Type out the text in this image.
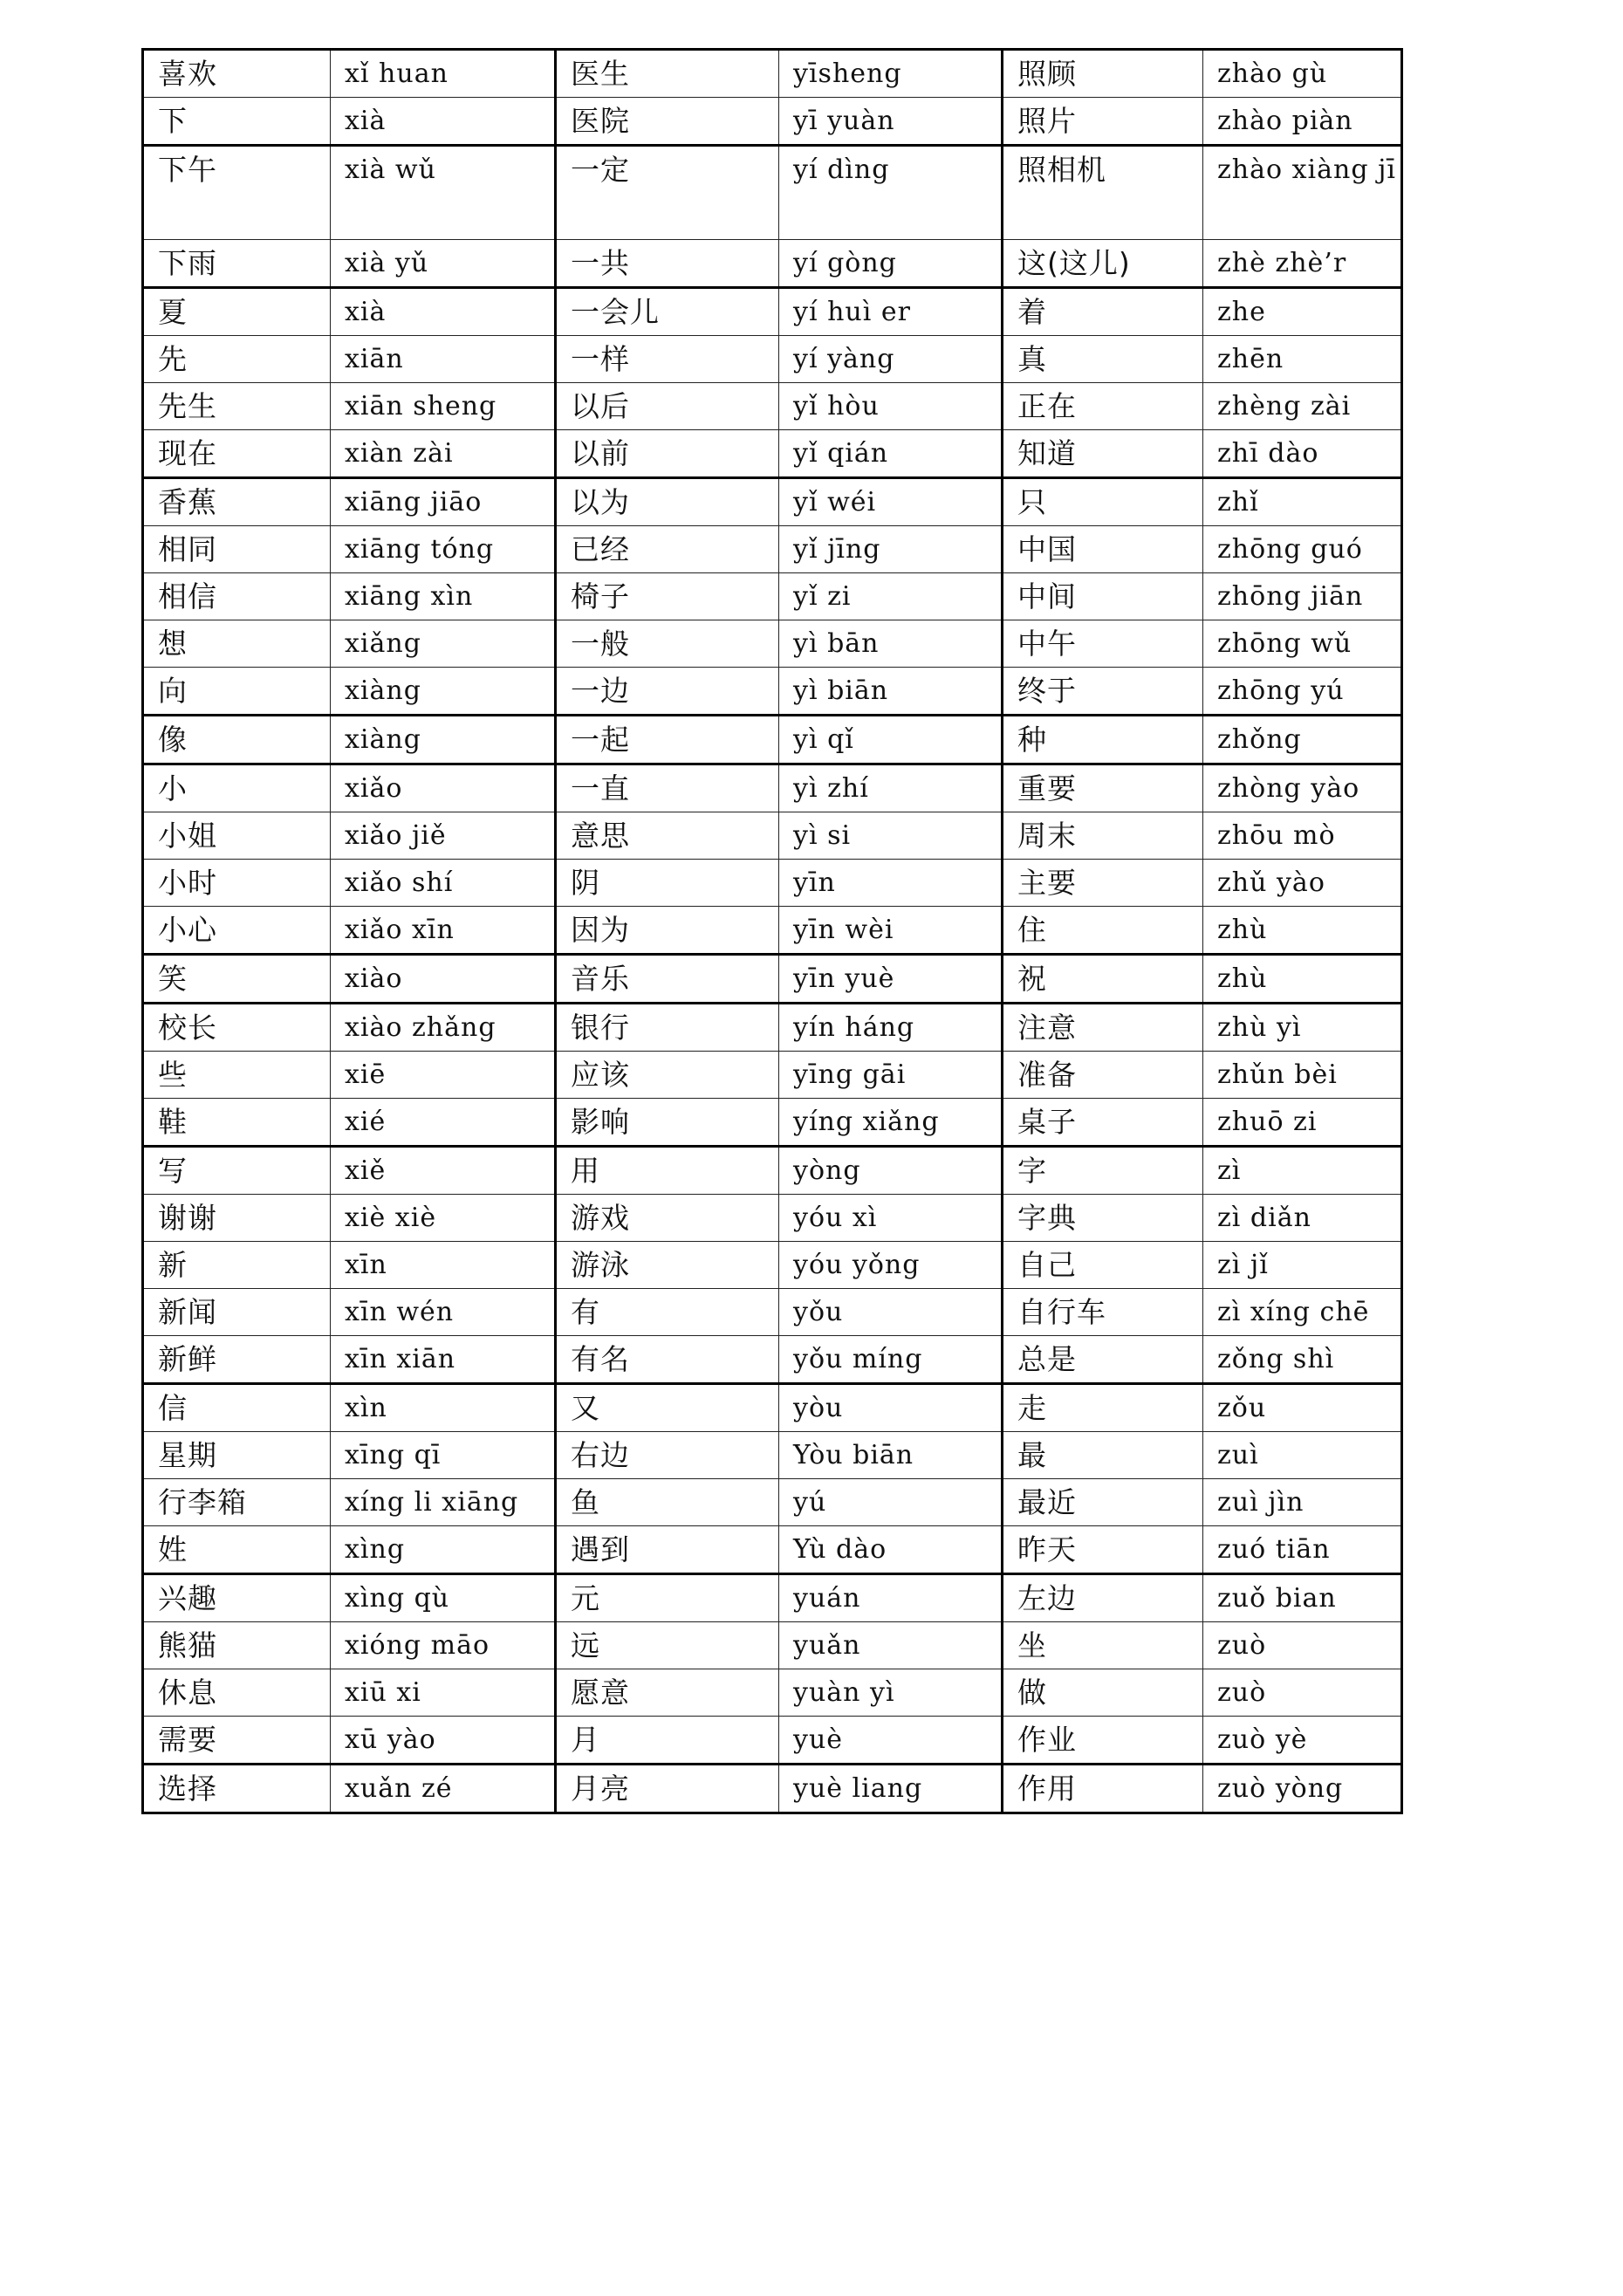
喜欢	xǐ huan	医生	yīsheng	照顾	zhào gù
下	xià	医院	yī yuàn	照片	zhào piàn
下午	xià wǔ	一定	yí dìng	照相机	zhào xiàng jī
下雨	xià yǔ	一共	yí gòng	这(这儿)	zhè zhè’r
夏	xià	一会儿	yí huì er	着	zhe
先	xiān	一样	yí yàng	真	zhēn
先生	xiān sheng	以后	yǐ hòu	正在	zhèng zài
现在	xiàn zài	以前	yǐ qián	知道	zhī dào
香蕉	xiāng jiāo	以为	yǐ wéi	只	zhǐ
相同	xiāng tóng	已经	yǐ jīng	中国	zhōng guó
相信	xiāng xìn	椅子	yǐ zi	中间	zhōng jiān
想	xiǎng	一般	yì bān	中午	zhōng wǔ
向	xiàng	一边	yì biān	终于	zhōng yú
像	xiàng	一起	yì qǐ	种	zhǒng
小	xiǎo	一直	yì zhí	重要	zhòng yào
小姐	xiǎo jiě	意思	yì si	周末	zhōu mò
小时	xiǎo shí	阴	yīn	主要	zhǔ yào
小心	xiǎo xīn	因为	yīn wèi	住	zhù
笑	xiào	音乐	yīn yuè	祝	zhù
校长	xiào zhǎng	银行	yín háng	注意	zhù yì
些	xiē	应该	yīng gāi	准备	zhǔn bèi
鞋	xié	影响	yíng xiǎng	桌子	zhuō zi
写	xiě	用	yòng	字	zì
谢谢	xiè xiè	游戏	yóu xì	字典	zì diǎn
新	xīn	游泳	yóu yǒng	自己	zì jǐ
新闻	xīn wén	有	yǒu	自行车	zì xíng chē
新鲜	xīn xiān	有名	yǒu míng	总是	zǒng shì
信	xìn	又	yòu	走	zǒu
星期	xīng qī	右边	Yòu biān	最	zuì
行李箱	xíng li xiāng	鱼	yú	最近	zuì jìn
姓	xìng	遇到	Yù dào	昨天	zuó tiān
兴趣	xìng qù	元	yuán	左边	zuǒ bian
熊猫	xióng māo	远	yuǎn	坐	zuò
休息	xiū xi	愿意	yuàn yì	做	zuò
需要	xū yào	月	yuè	作业	zuò yè
选择	xuǎn zé	月亮	yuè liang	作用	zuò yòng
